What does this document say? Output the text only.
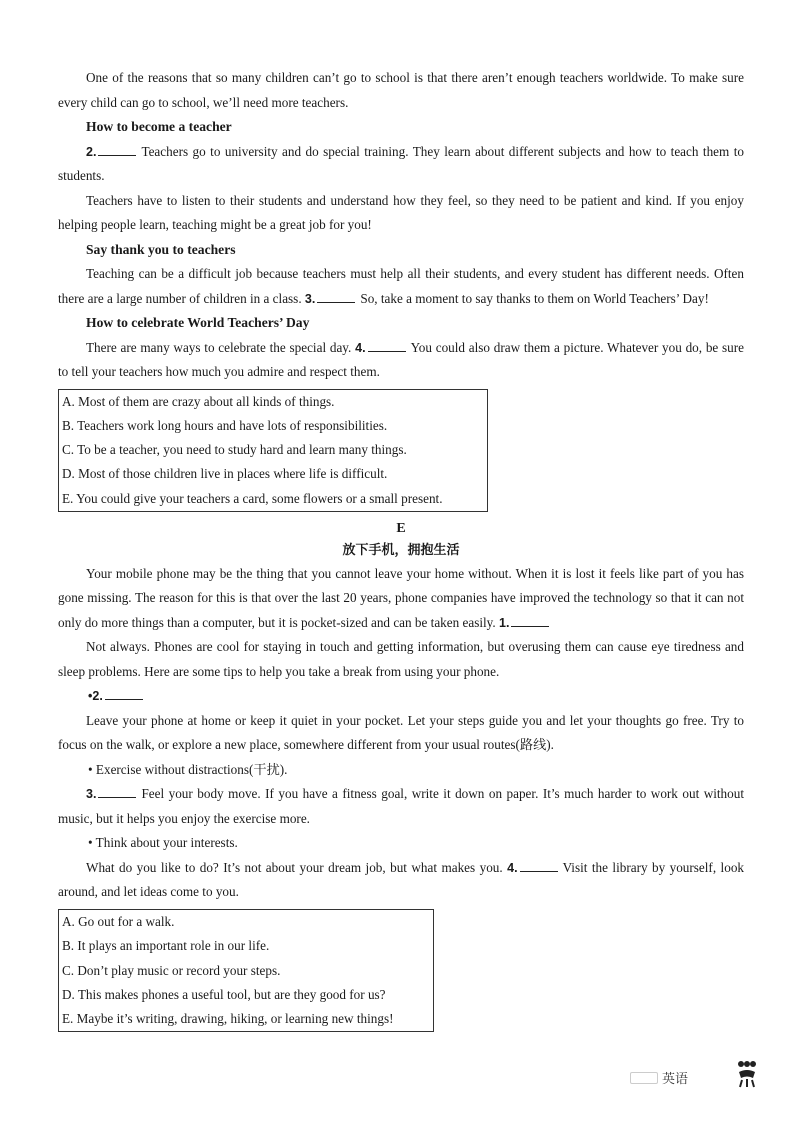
One of the reasons that so many children can’t go to school is that there aren’t enough teachers worldwide. To make sure every child can go to school, we’ll need more teachers.

How to become a teacher

2.	Teachers go to university and do special training. They learn about different subjects and how to teach them to students.

Teachers have to listen to their students and understand how they feel, so they need to be patient and kind. If you enjoy helping people learn, teaching might be a great job for you!

Say thank you to teachers

Teaching can be a difficult job because teachers must help all their students, and every student has different needs. Often there are a large number of children in a class. 3.	So, take a moment to say thanks to them on World Teachers’ Day!

How to celebrate World Teachers’ Day

There are many ways to celebrate the special day. 4.	You could also draw them a picture. Whatever you do, be sure to tell your teachers how much you admire and respect them.

A. Most of them are crazy about all kinds of things.
B. Teachers work long hours and have lots of responsibilities.
C. To be a teacher, you need to study hard and learn many things.
D. Most of those children live in places where life is difficult.
E. You could give your teachers a card, some flowers or a small present.
E
放下手机，拥抱生活

Your mobile phone may be the thing that you cannot leave your home without. When it is lost it feels like part of you has gone missing. The reason for this is that over the last 20 years, phone companies have improved the technology so that it can not only do more things than a computer, but it is pocket-sized and can be taken easily. 1.

Not always. Phones are cool for staying in touch and getting information, but overusing them can cause eye tiredness and sleep problems. Here are some tips to help you take a break from using your phone.

•2.

Leave your phone at home or keep it quiet in your pocket. Let your steps guide you and let your thoughts go free. Try to focus on the walk, or explore a new place, somewhere different from your usual routes(路线).

• Exercise without distractions(干扰).

3.	Feel your body move. If you have a fitness goal, write it down on paper. It’s much harder to work out without music, but it helps you enjoy the exercise more.

• Think about your interests.

What do you like to do? It’s not about your dream job, but what makes you. 4.	Visit the library by yourself, look around, and let ideas come to you.

A. Go out for a walk.
B. It plays an important role in our life.
C. Don’t play music or record your steps.
D. This makes phones a useful tool, but are they good for us?
E. Maybe it’s writing, drawing, hiking, or learning new things!
英语
